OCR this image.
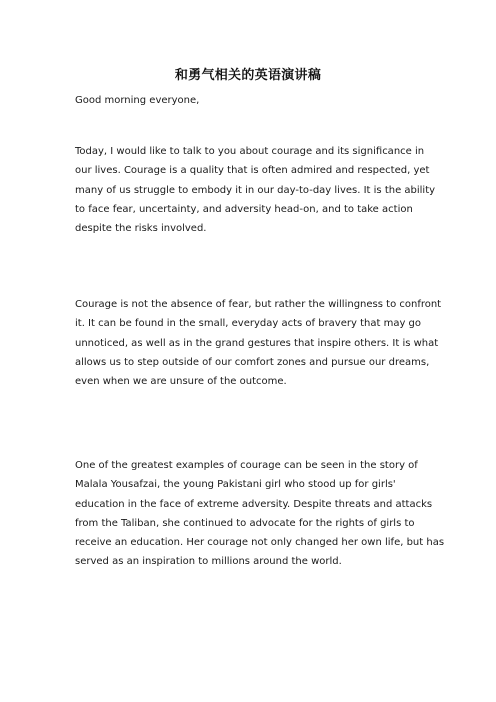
和勇气相关的英语演讲稿
Good morning everyone,
Today, I would like to talk to you about courage and its significance in
our lives. Courage is a quality that is often admired and respected, yet
many of us struggle to embody it in our day-to-day lives. It is the ability
to face fear, uncertainty, and adversity head-on, and to take action
despite the risks involved.
Courage is not the absence of fear, but rather the willingness to confront
it. It can be found in the small, everyday acts of bravery that may go
unnoticed, as well as in the grand gestures that inspire others. It is what
allows us to step outside of our comfort zones and pursue our dreams,
even when we are unsure of the outcome.
One of the greatest examples of courage can be seen in the story of
Malala Yousafzai, the young Pakistani girl who stood up for girls'
education in the face of extreme adversity. Despite threats and attacks
from the Taliban, she continued to advocate for the rights of girls to
receive an education. Her courage not only changed her own life, but has
served as an inspiration to millions around the world.
